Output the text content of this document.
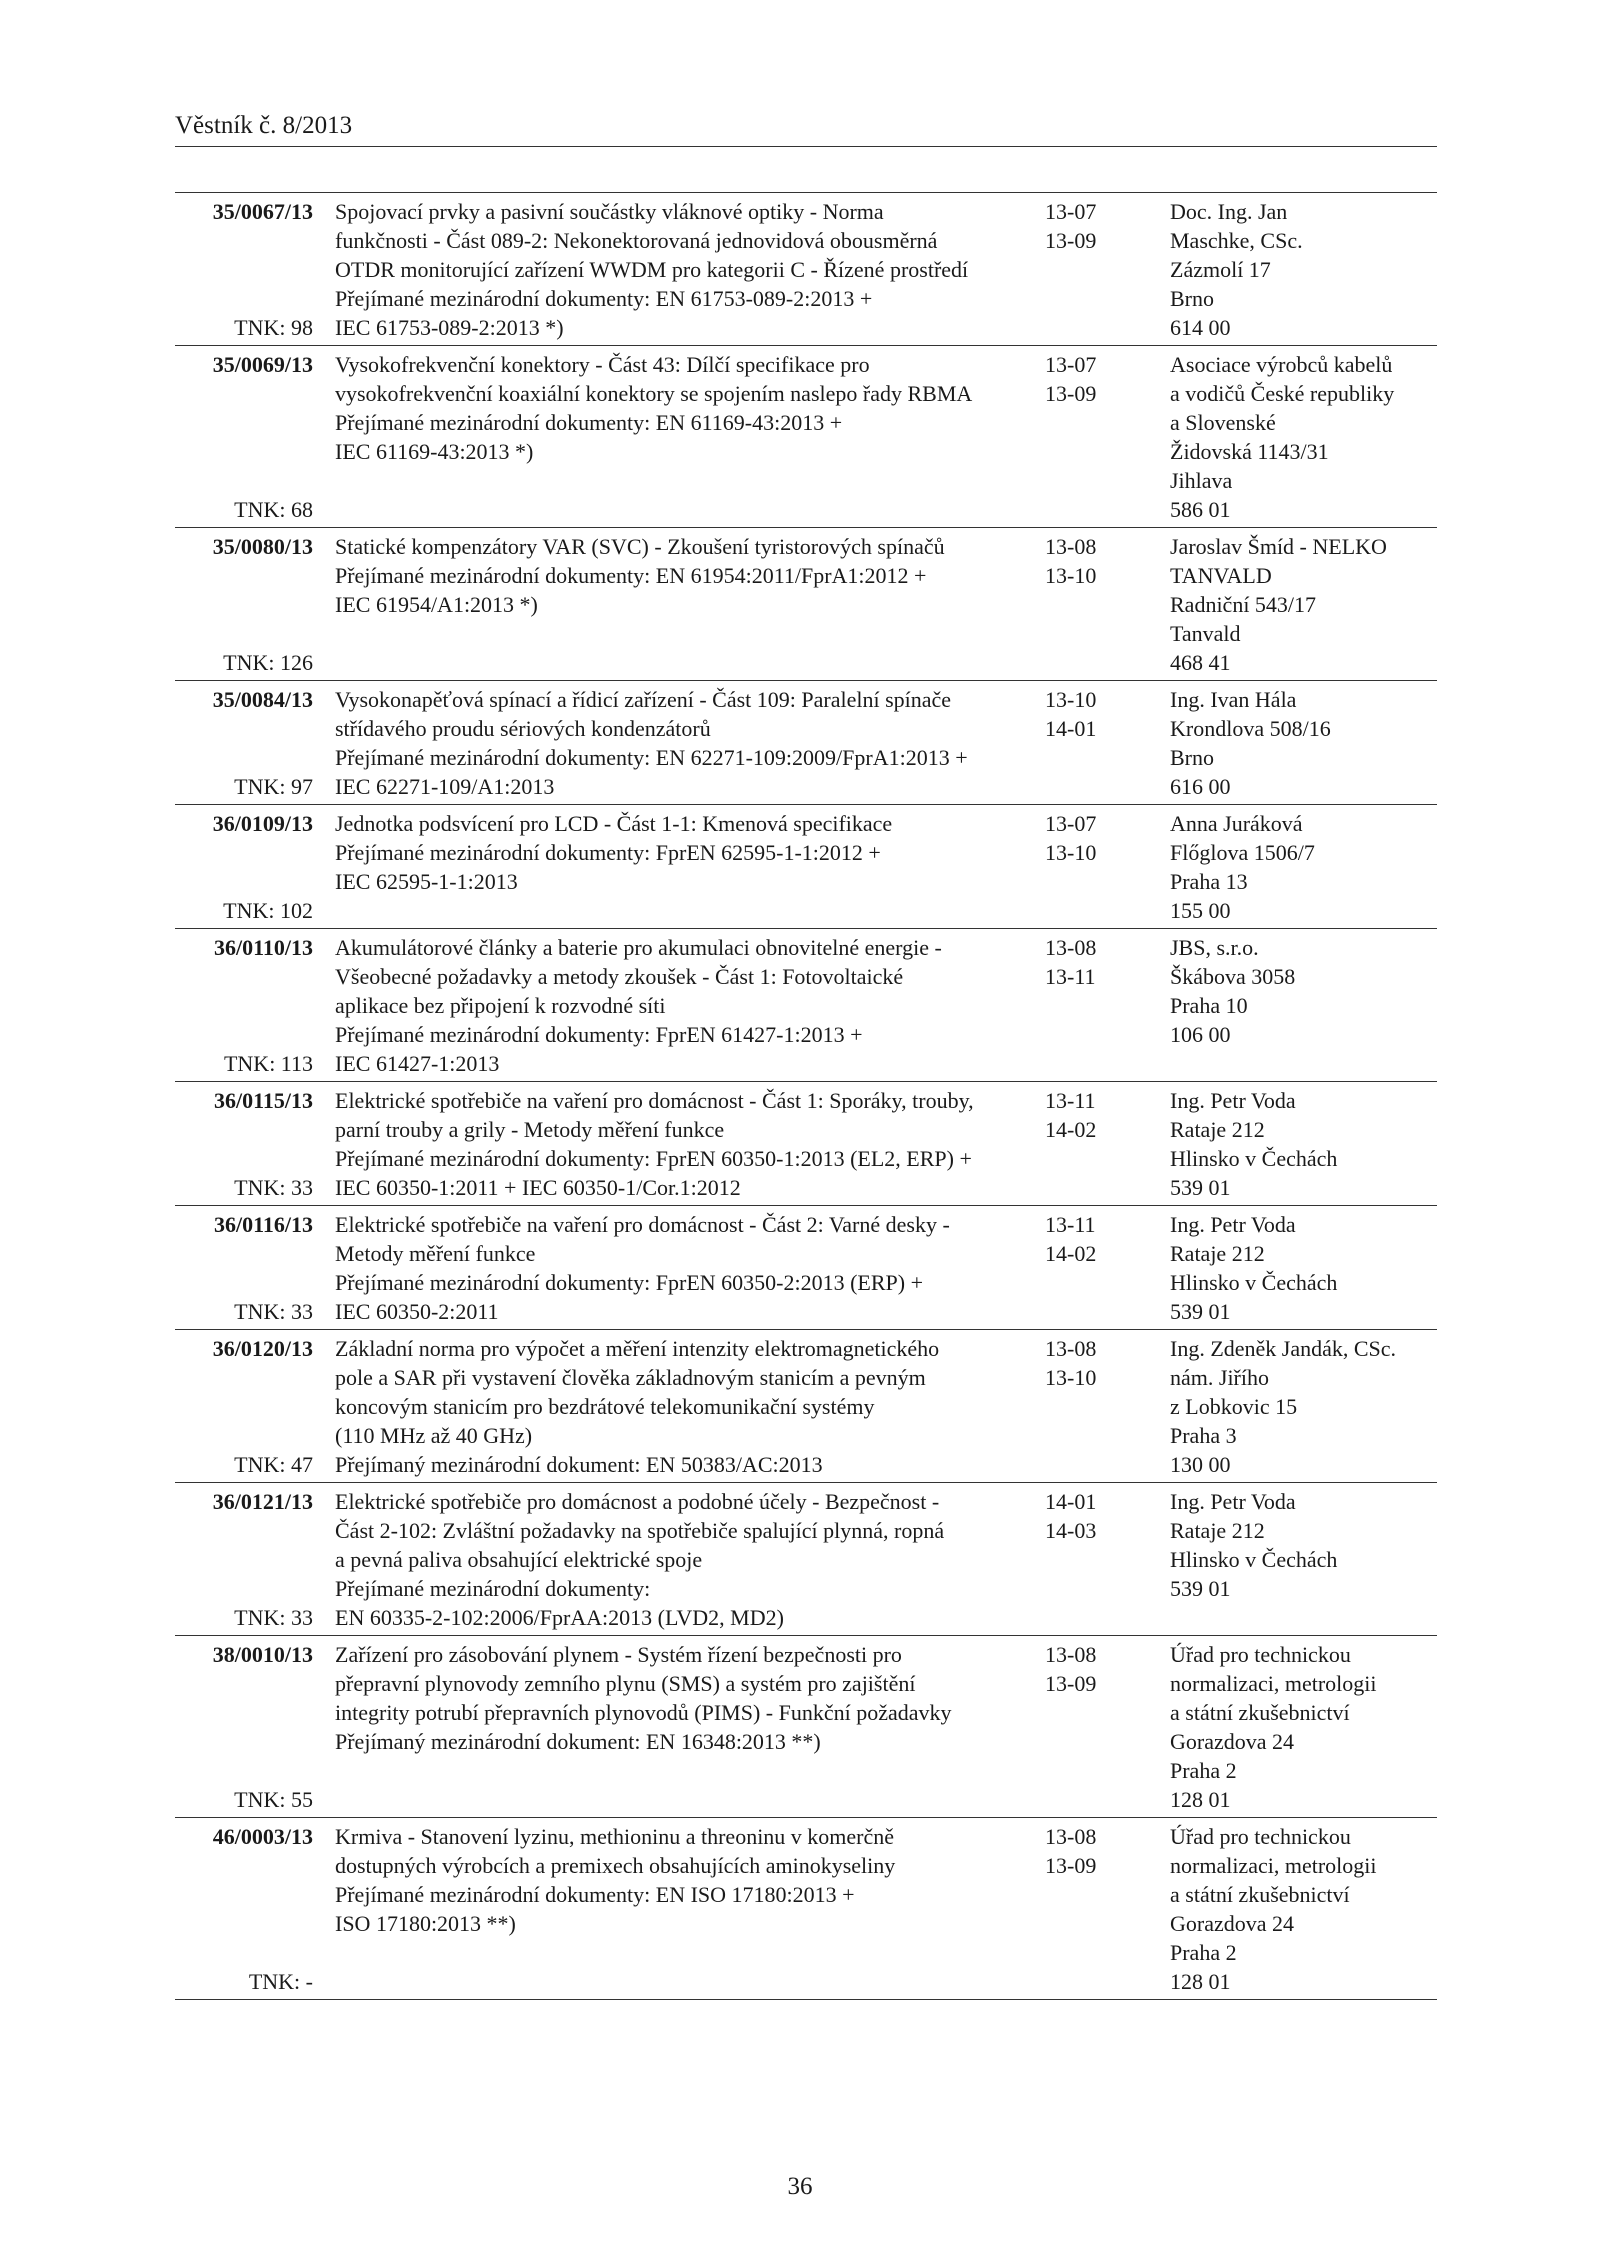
Věstník č. 8/2013
35/0067/13
TNK: 98
Spojovací prvky a pasivní součástky vláknové optiky - Norma
funkčnosti - Část 089-2: Nekonektorovaná jednovidová obousměrná
OTDR monitorující zařízení WWDM pro kategorii C - Řízené prostředí
Přejímané mezinárodní dokumenty: EN 61753-089-2:2013 +
IEC 61753-089-2:2013 *)
13-07
13-09
Doc. Ing. Jan
Maschke, CSc.
Zázmolí 17
Brno
614 00
35/0069/13
TNK: 68
Vysokofrekvenční konektory - Část 43: Dílčí specifikace pro
vysokofrekvenční koaxiální konektory se spojením naslepo řady RBMA
Přejímané mezinárodní dokumenty: EN 61169-43:2013 +
IEC 61169-43:2013 *)
13-07
13-09
Asociace výrobců kabelů
a vodičů České republiky
a Slovenské
Židovská 1143/31
Jihlava
586 01
35/0080/13
TNK: 126
Statické kompenzátory VAR (SVC) - Zkoušení tyristorových spínačů
Přejímané mezinárodní dokumenty: EN 61954:2011/FprA1:2012 +
IEC 61954/A1:2013 *)
13-08
13-10
Jaroslav Šmíd - NELKO
TANVALD
Radniční 543/17
Tanvald
468 41
35/0084/13
TNK: 97
Vysokonapěťová spínací a řídicí zařízení - Část 109: Paralelní spínače
střídavého proudu sériových kondenzátorů
Přejímané mezinárodní dokumenty: EN 62271-109:2009/FprA1:2013 +
IEC 62271-109/A1:2013
13-10
14-01
Ing. Ivan Hála
Krondlova 508/16
Brno
616 00
36/0109/13
TNK: 102
Jednotka podsvícení pro LCD - Část 1-1: Kmenová specifikace
Přejímané mezinárodní dokumenty: FprEN 62595-1-1:2012 +
IEC 62595-1-1:2013
13-07
13-10
Anna Juráková
Flőglova 1506/7
Praha 13
155 00
36/0110/13
TNK: 113
Akumulátorové články a baterie pro akumulaci obnovitelné energie -
Všeobecné požadavky a metody zkoušek - Část 1: Fotovoltaické
aplikace bez připojení k rozvodné síti
Přejímané mezinárodní dokumenty: FprEN 61427-1:2013 +
IEC 61427-1:2013
13-08
13-11
JBS, s.r.o.
Škábova 3058
Praha 10
106 00
36/0115/13
TNK: 33
Elektrické spotřebiče na vaření pro domácnost - Část 1: Sporáky, trouby,
parní trouby a grily - Metody měření funkce
Přejímané mezinárodní dokumenty: FprEN 60350-1:2013 (EL2, ERP) +
IEC 60350-1:2011 + IEC 60350-1/Cor.1:2012
13-11
14-02
Ing. Petr Voda
Rataje 212
Hlinsko v Čechách
539 01
36/0116/13
TNK: 33
Elektrické spotřebiče na vaření pro domácnost - Část 2: Varné desky -
Metody měření funkce
Přejímané mezinárodní dokumenty: FprEN 60350-2:2013 (ERP) +
IEC 60350-2:2011
13-11
14-02
Ing. Petr Voda
Rataje 212
Hlinsko v Čechách
539 01
36/0120/13
TNK: 47
Základní norma pro výpočet a měření intenzity elektromagnetického
pole a SAR při vystavení člověka základnovým stanicím a pevným
koncovým stanicím pro bezdrátové telekomunikační systémy
(110 MHz až 40 GHz)
Přejímaný mezinárodní dokument: EN 50383/AC:2013
13-08
13-10
Ing. Zdeněk Jandák, CSc.
nám. Jiřího
z Lobkovic 15
Praha 3
130 00
36/0121/13
TNK: 33
Elektrické spotřebiče pro domácnost a podobné účely - Bezpečnost -
Část 2-102: Zvláštní požadavky na spotřebiče spalující plynná, ropná
a pevná paliva obsahující elektrické spoje
Přejímané mezinárodní dokumenty:
EN 60335-2-102:2006/FprAA:2013 (LVD2, MD2)
14-01
14-03
Ing. Petr Voda
Rataje 212
Hlinsko v Čechách
539 01
38/0010/13
TNK: 55
Zařízení pro zásobování plynem - Systém řízení bezpečnosti pro
přepravní plynovody zemního plynu (SMS) a systém pro zajištění
integrity potrubí přepravních plynovodů (PIMS) - Funkční požadavky
Přejímaný mezinárodní dokument: EN 16348:2013 **)
13-08
13-09
Úřad pro technickou
normalizaci, metrologii
a státní zkušebnictví
Gorazdova 24
Praha 2
128 01
46/0003/13
TNK: -
Krmiva - Stanovení lyzinu, methioninu a threoninu v komerčně
dostupných výrobcích a premixech obsahujících aminokyseliny
Přejímané mezinárodní dokumenty: EN ISO 17180:2013 +
ISO 17180:2013 **)
13-08
13-09
Úřad pro technickou
normalizaci, metrologii
a státní zkušebnictví
Gorazdova 24
Praha 2
128 01
36
